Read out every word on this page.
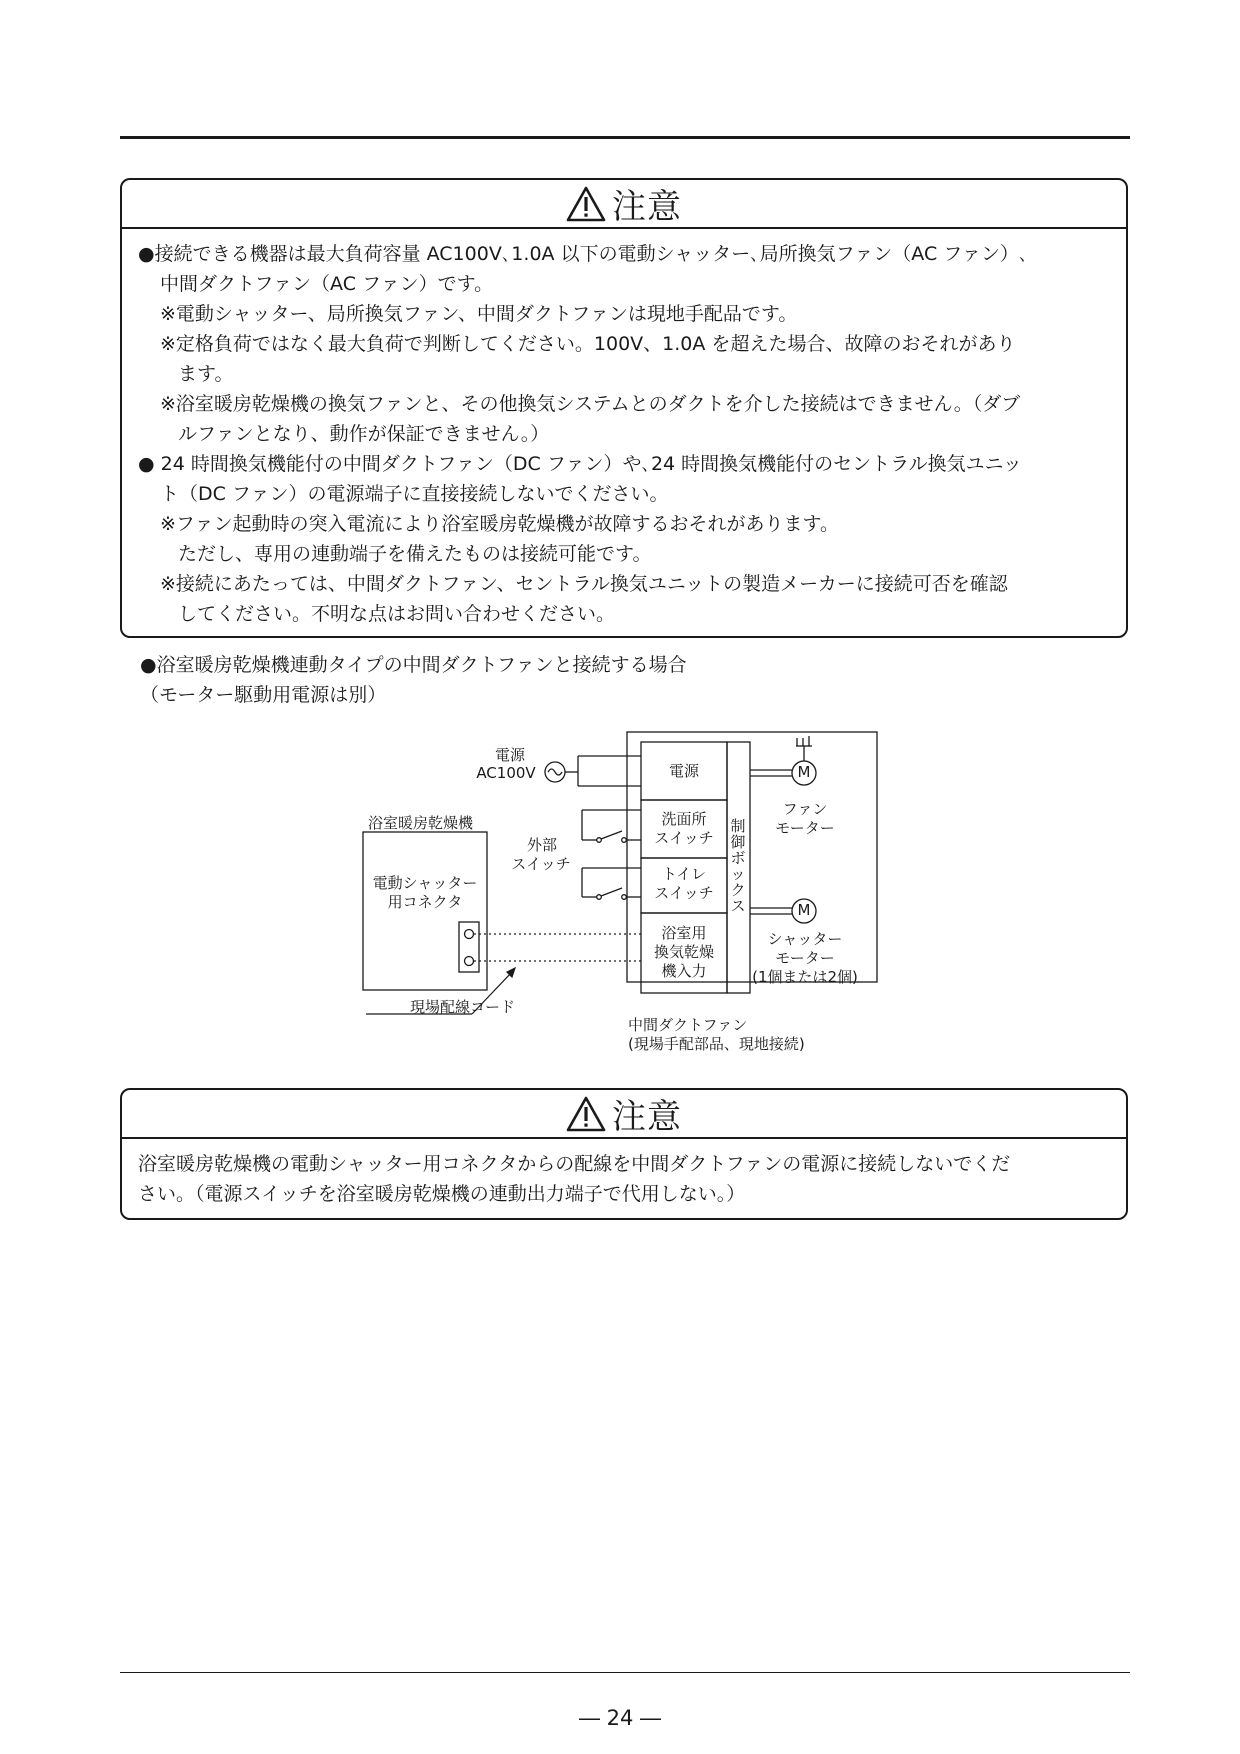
注意
●接続できる機器は最大負荷容量 AC100V､1.0A 以下の電動シャッター､局所換気ファン（AC ファン）､
中間ダクトファン（AC ファン）です。
※電動シャッター、局所換気ファン、中間ダクトファンは現地手配品です。
※定格負荷ではなく最大負荷で判断してください。100V、1.0A を超えた場合、故障のおそれがあり
ます。
※浴室暖房乾燥機の換気ファンと、その他換気システムとのダクトを介した接続はできません。（ダブ
ルファンとなり、動作が保証できません。）
● 24 時間換気機能付の中間ダクトファン（DC ファン）や､24 時間換気機能付のセントラル換気ユニッ
ト（DC ファン）の電源端子に直接接続しないでください。
※ファン起動時の突入電流により浴室暖房乾燥機が故障するおそれがあります。
ただし、専用の連動端子を備えたものは接続可能です。
※接続にあたっては、中間ダクトファン、セントラル換気ユニットの製造メーカーに接続可否を確認
してください。不明な点はお問い合わせください。
●浴室暖房乾燥機連動タイプの中間ダクトファンと接続する場合
（モーター駆動用電源は別）
電源
AC100V
浴室暖房乾燥機
電動シャッター
用コネクタ
外部
スイッチ
電源
洗面所
スイッチ
トイレ
スイッチ
浴室用
換気乾燥
機入力
制御ボックス
M
M
ファン
モーター
シャッター
モーター
(1個または2個)
現場配線コード
中間ダクトファン
(現場手配部品、現地接続)
注意
浴室暖房乾燥機の電動シャッター用コネクタからの配線を中間ダクトファンの電源に接続しないでくだ
さい。（電源スイッチを浴室暖房乾燥機の連動出力端子で代用しない。）
― 24 ―
